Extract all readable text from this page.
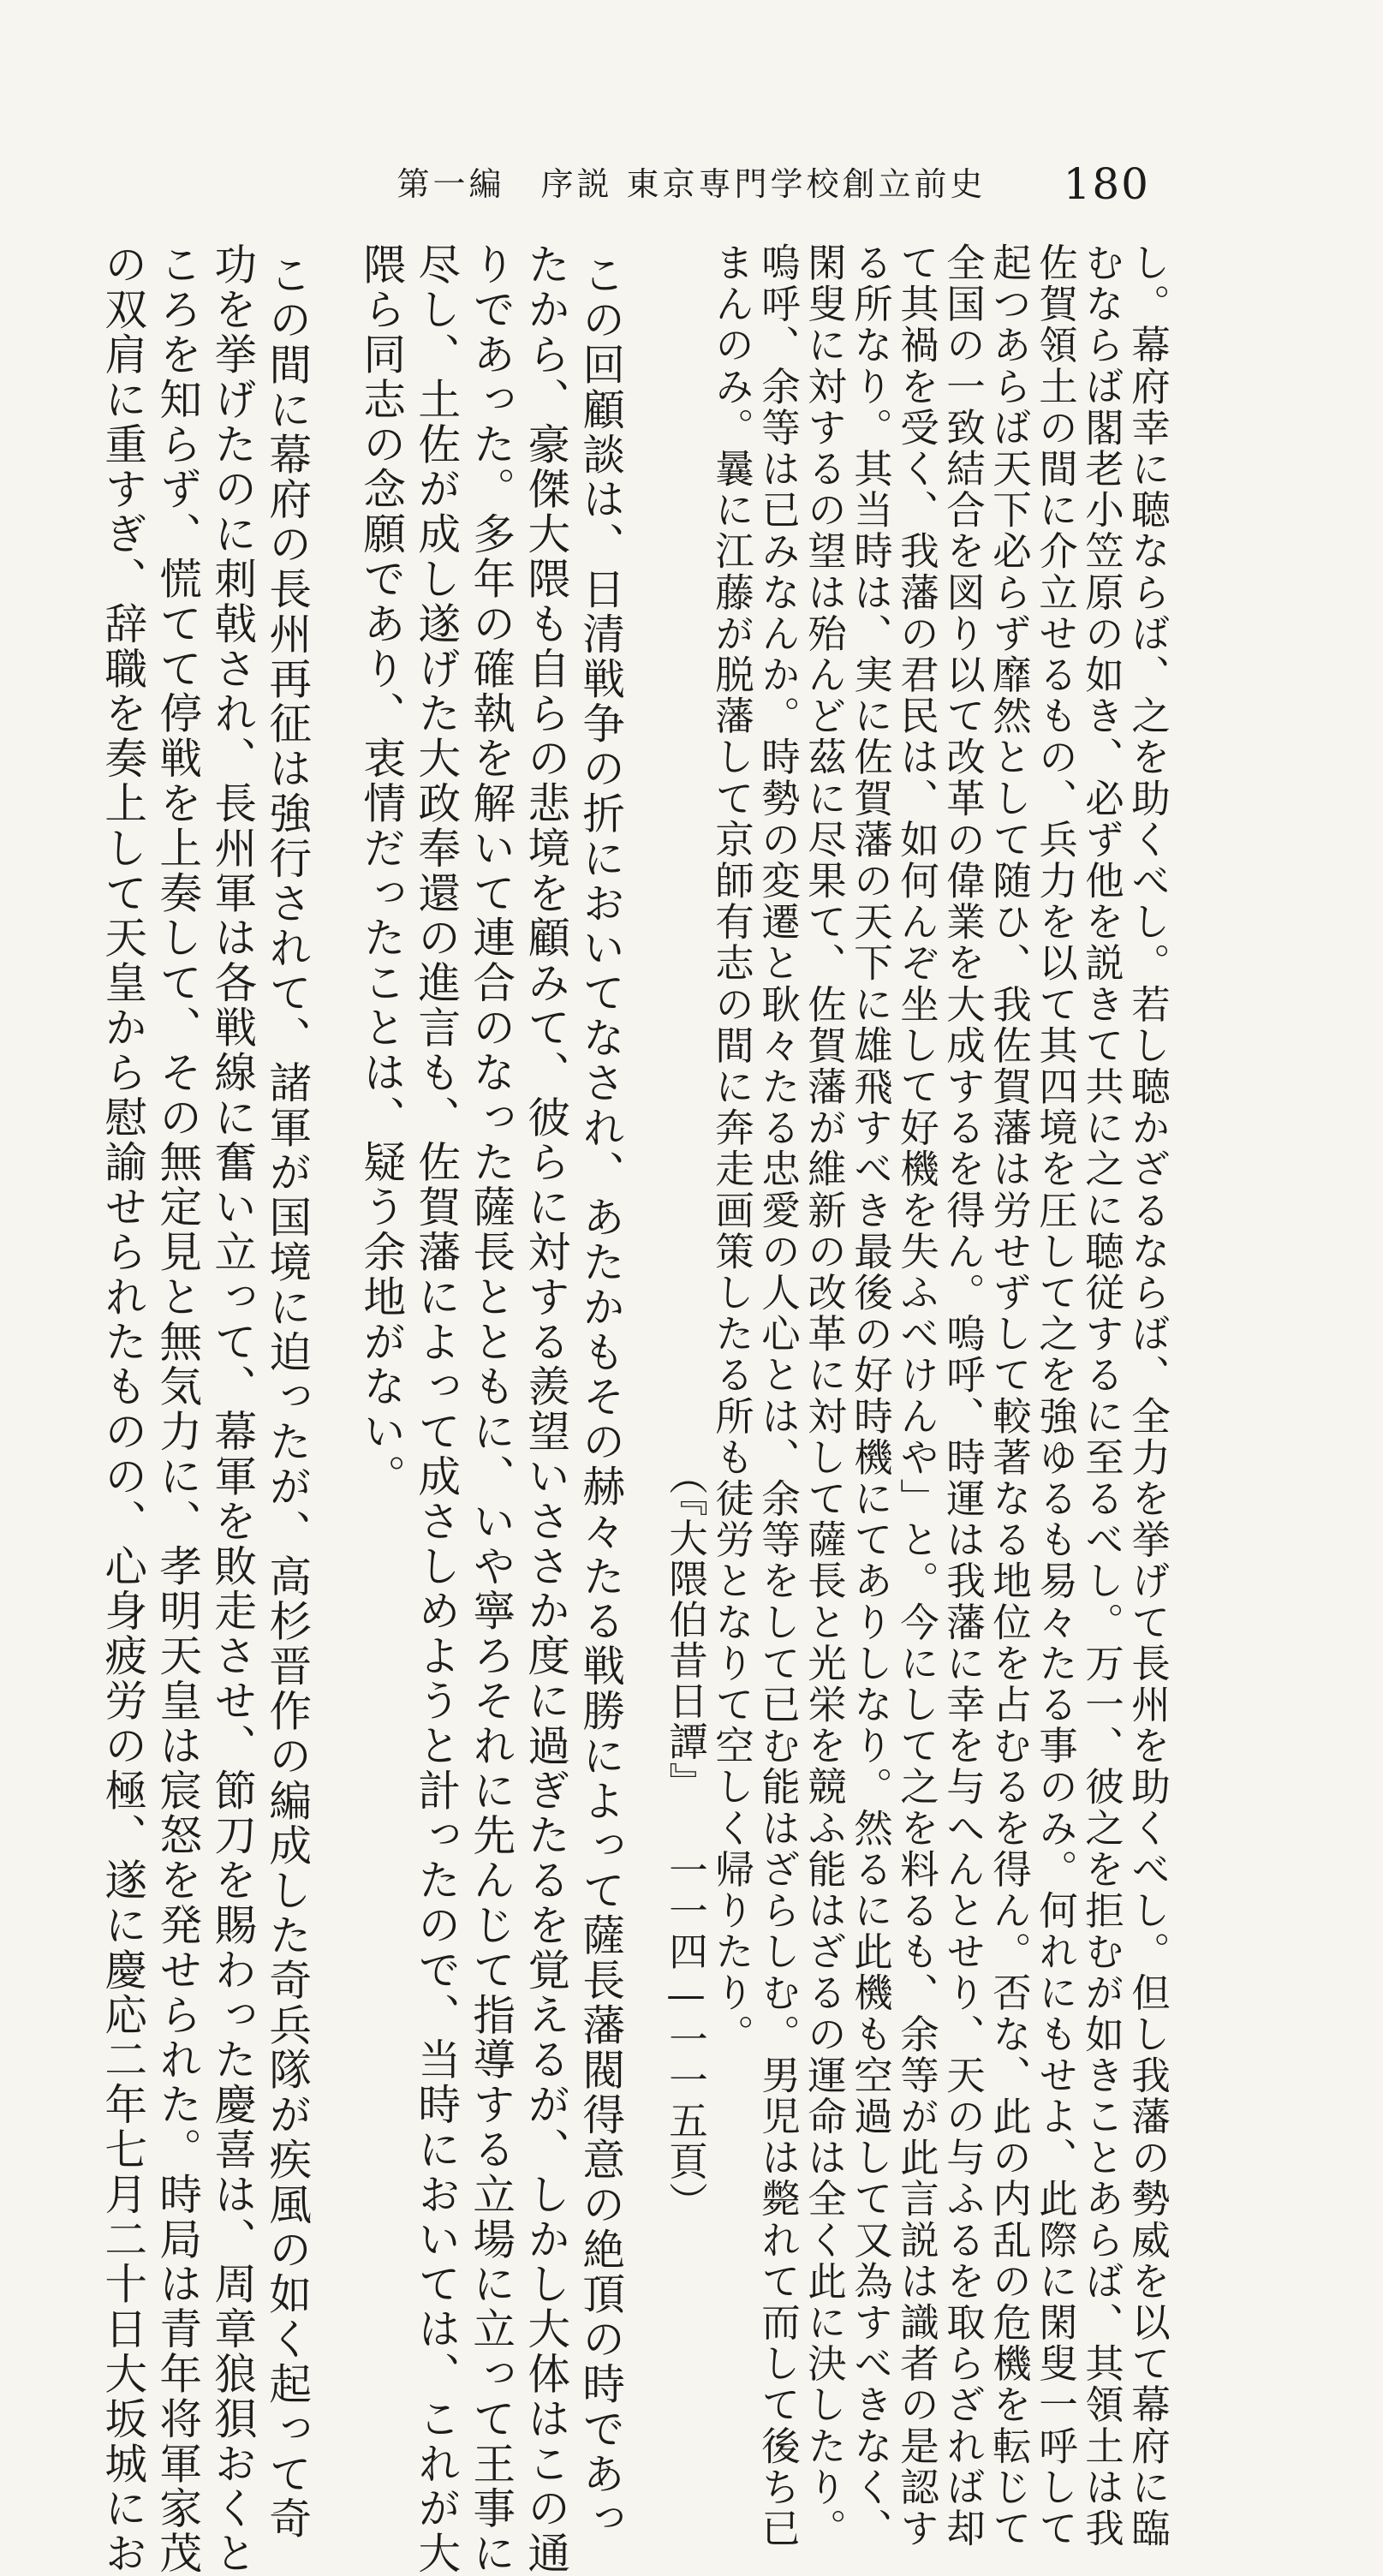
180
第一編　序説 東京専門学校創立前史
し。幕府幸に聴ならば、之を助くべし。若し聴かざるならば、全力を挙げて長州を助くべし。但し我藩の勢威を以て幕府に臨
むならば閣老小笠原の如き、必ず他を説きて共に之に聴従するに至るべし。万一、彼之を拒むが如きことあらば、其領土は我
佐賀領土の間に介立せるもの、兵力を以て其四境を圧して之を強ゆるも易々たる事のみ。何れにもせよ、此際に閑叟一呼して
起つあらば天下必らず靡然として随ひ、我佐賀藩は労せずして較著なる地位を占むるを得ん。否な、此の内乱の危機を転じて
全国の一致結合を図り以て改革の偉業を大成するを得ん。嗚呼、時運は我藩に幸を与へんとせり、天の与ふるを取らざれば却
て其禍を受く、我藩の君民は、如何んぞ坐して好機を失ふべけんや」と。今にして之を料るも、余等が此言説は識者の是認す
る所なり。其当時は、実に佐賀藩の天下に雄飛すべき最後の好時機にてありしなり。然るに此機も空過して又為すべきなく、
閑叟に対するの望は殆んど茲に尽果て、佐賀藩が維新の改革に対して薩長と光栄を競ふ能はざるの運命は全く此に決したり。
嗚呼、余等は已みなんか。時勢の変遷と耿々たる忠愛の人心とは、余等をして已む能はざらしむ。男児は斃れて而して後ち已
まんのみ。曩に江藤が脱藩して京師有志の間に奔走画策したる所も徒労となりて空しく帰りたり。
（『大隈伯昔日譚』 一一四—一一五頁）
この回顧談は、日清戦争の折においてなされ、あたかもその赫々たる戦勝によって薩長藩閥得意の絶頂の時であっ
たから、豪傑大隈も自らの悲境を顧みて、彼らに対する羨望いささか度に過ぎたるを覚えるが、しかし大体はこの通
りであった。多年の確執を解いて連合のなった薩長とともに、いや寧ろそれに先んじて指導する立場に立って王事に
尽し、土佐が成し遂げた大政奉還の進言も、佐賀藩によって成さしめようと計ったので、当時においては、これが大
隈ら同志の念願であり、衷情だったことは、疑う余地がない。
この間に幕府の長州再征は強行されて、諸軍が国境に迫ったが、高杉晋作の編成した奇兵隊が疾風の如く起って奇
功を挙げたのに刺戟され、長州軍は各戦線に奮い立って、幕軍を敗走させ、節刀を賜わった慶喜は、周章狼狽おくと
ころを知らず、慌てて停戦を上奏して、その無定見と無気力に、孝明天皇は宸怒を発せられた。時局は青年将軍家茂
の双肩に重すぎ、辞職を奏上して天皇から慰諭せられたものの、心身疲労の極、遂に慶応二年七月二十日大坂城にお
